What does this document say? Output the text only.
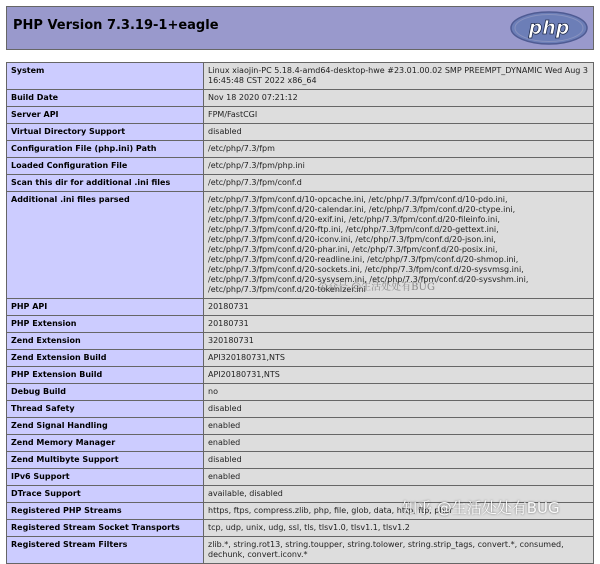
PHP Version 7.3.19-1+eagle	php
System	Linux xiaojin-PC 5.18.4-amd64-desktop-hwe #23.01.00.02 SMP PREEMPT_DYNAMIC Wed Aug 3 16:45:48 CST 2022 x86_64
Build Date	Nov 18 2020 07:21:12
Server API	FPM/FastCGI
Virtual Directory Support	disabled
Configuration File (php.ini) Path	/etc/php/7.3/fpm
Loaded Configuration File	/etc/php/7.3/fpm/php.ini
Scan this dir for additional .ini files	/etc/php/7.3/fpm/conf.d
Additional .ini files parsed	/etc/php/7.3/fpm/conf.d/10-opcache.ini, /etc/php/7.3/fpm/conf.d/10-pdo.ini, /etc/php/7.3/fpm/conf.d/20-calendar.ini, /etc/php/7.3/fpm/conf.d/20-ctype.ini, /etc/php/7.3/fpm/conf.d/20-exif.ini, /etc/php/7.3/fpm/conf.d/20-fileinfo.ini, /etc/php/7.3/fpm/conf.d/20-ftp.ini, /etc/php/7.3/fpm/conf.d/20-gettext.ini, /etc/php/7.3/fpm/conf.d/20-iconv.ini, /etc/php/7.3/fpm/conf.d/20-json.ini, /etc/php/7.3/fpm/conf.d/20-phar.ini, /etc/php/7.3/fpm/conf.d/20-posix.ini, /etc/php/7.3/fpm/conf.d/20-readline.ini, /etc/php/7.3/fpm/conf.d/20-shmop.ini, /etc/php/7.3/fpm/conf.d/20-sockets.ini, /etc/php/7.3/fpm/conf.d/20-sysvmsg.ini, /etc/php/7.3/fpm/conf.d/20-sysvsem.ini, /etc/php/7.3/fpm/conf.d/20-sysvshm.ini, /etc/php/7.3/fpm/conf.d/20-tokenizer.ini
PHP API	20180731
PHP Extension	20180731
Zend Extension	320180731
Zend Extension Build	API320180731,NTS
PHP Extension Build	API20180731,NTS
Debug Build	no
Thread Safety	disabled
Zend Signal Handling	enabled
Zend Memory Manager	enabled
Zend Multibyte Support	disabled
IPv6 Support	enabled
DTrace Support	available, disabled
Registered PHP Streams	https, ftps, compress.zlib, php, file, glob, data, http, ftp, phar
Registered Stream Socket Transports	tcp, udp, unix, udg, ssl, tls, tlsv1.0, tlsv1.1, tlsv1.2
Registered Stream Filters	zlib.*, string.rot13, string.toupper, string.tolower, string.strip_tags, convert.*, consumed, dechunk, convert.iconv.*
公众号 @生活处处有BUG
知乎 @生活处处有BUG
